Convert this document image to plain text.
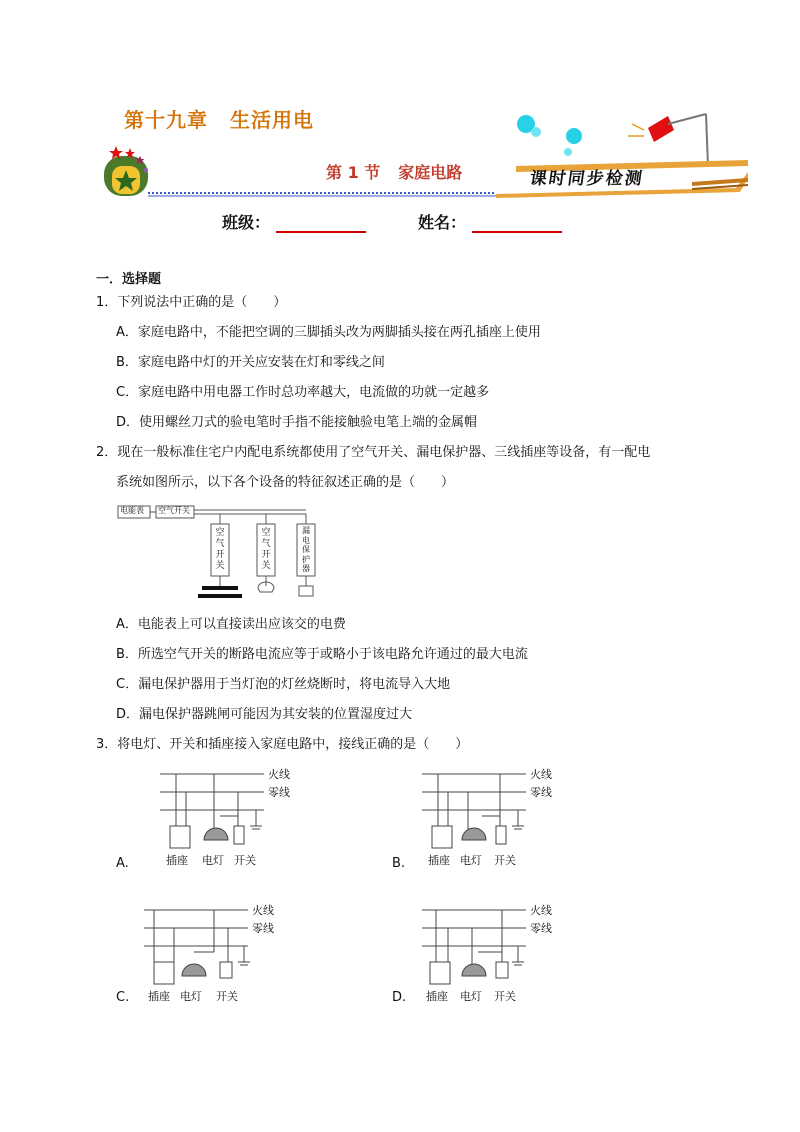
第十九章 生活用电
第 1 节 家庭电路	课时同步检测
班级：	姓名：
一．选择题
1．下列说法中正确的是（　　）
A．家庭电路中，不能把空调的三脚插头改为两脚插头接在两孔插座上使用
B．家庭电路中灯的开关应安装在灯和零线之间
C．家庭电路中用电器工作时总功率越大，电流做的功就一定越多
D．使用螺丝刀式的验电笔时手指不能接触验电笔上端的金属帽
2．现在一般标准住宅户内配电系统都使用了空气开关、漏电保护器、三线插座等设备，有一配电
系统如图所示，以下各个设备的特征叙述正确的是（　　）
电能表 空气开关
空
气
开
关
空
气
开
关
漏
电
保
护
器
A．电能表上可以直接读出应该交的电费
B．所选空气开关的断路电流应等于或略小于该电路允许通过的最大电流
C．漏电保护器用于当灯泡的灯丝烧断时，将电流导入大地
D．漏电保护器跳闸可能因为其安装的位置湿度过大
3．将电灯、开关和插座接入家庭电路中，接线正确的是（　　）
火线
零线
插座 电灯 开关
A.
火线
零线
插座 电灯 开关
B.
火线
零线
插座 电灯 开关
C.
火线
零线
插座 电灯 开关
D.
